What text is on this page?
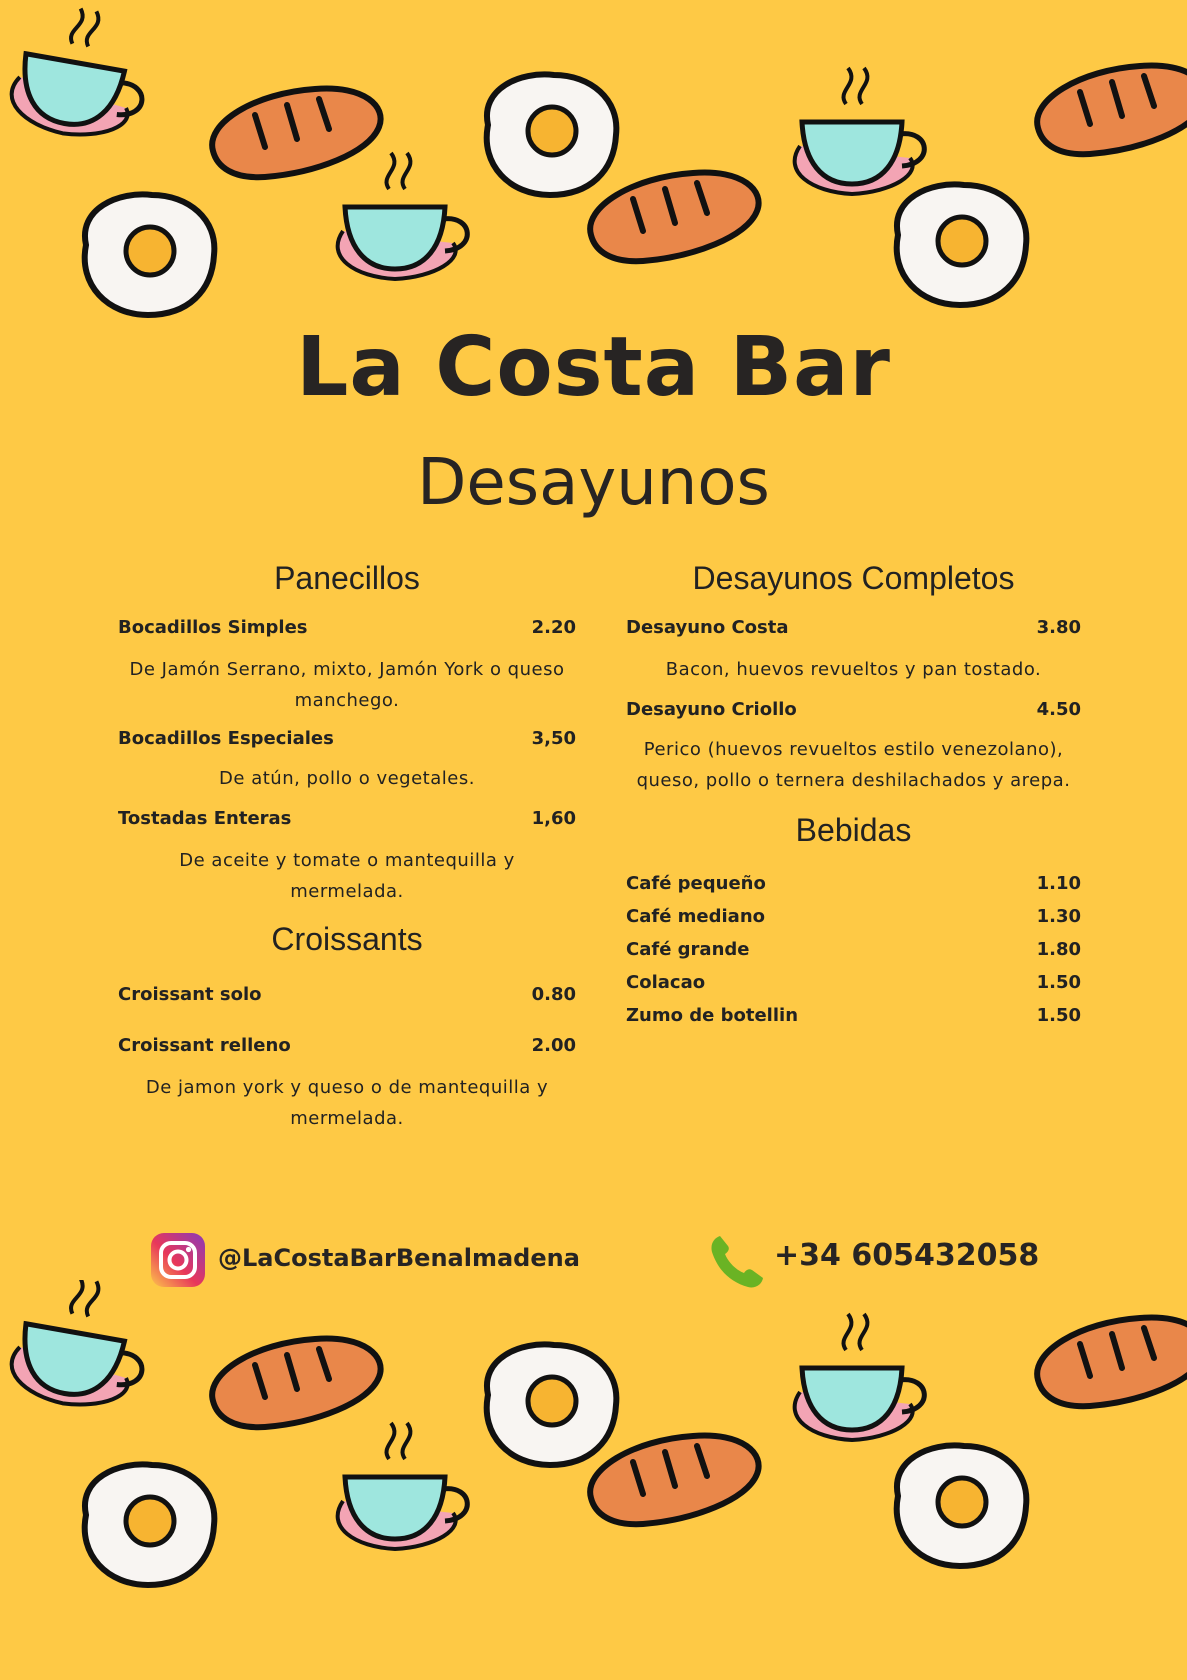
La Costa Bar
Desayunos
Panecillos
Bocadillos Simples	2.20
De Jamón Serrano, mixto, Jamón York o queso manchego.
Bocadillos Especiales	3,50
De atún, pollo o vegetales.
Tostadas Enteras	1,60
De aceite y tomate o mantequilla y mermelada.
Croissants
Croissant solo	0.80
Croissant relleno	2.00
De jamon york y queso o de mantequilla y mermelada.
Desayunos Completos
Desayuno Costa	3.80
Bacon, huevos revueltos y pan tostado.
Desayuno Criollo	4.50
Perico (huevos revueltos estilo venezolano), queso, pollo o ternera deshilachados y arepa.
Bebidas
Café pequeño	1.10
Café mediano	1.30
Café grande	1.80
Colacao	1.50
Zumo de botellin	1.50
@LaCostaBarBenalmadena	+34 605432058
